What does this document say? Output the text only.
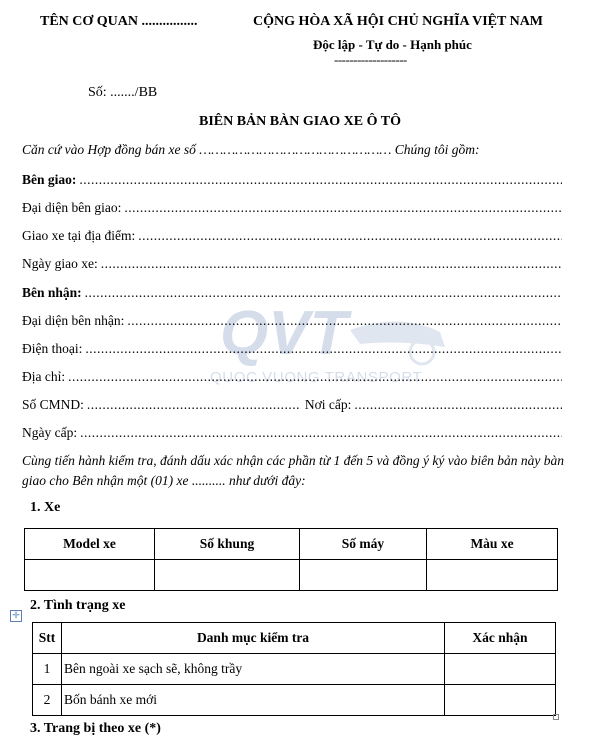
TÊN CƠ QUAN ................	CỘNG HÒA XÃ HỘI CHỦ NGHĨA VIỆT NAM
Độc lập - Tự do - Hạnh phúc
-------------------
Số: ......./BB
BIÊN BẢN BÀN GIAO XE Ô TÔ
Căn cứ vào Hợp đồng bán xe số ………………………………………… Chúng tôi gồm:
QVT
QUOC VUONG TRANSPORT
Bên giao:
.....
Đại diện bên giao:
.....
Giao xe tại địa điểm:
.....
Ngày giao xe:
.....
Bên nhận:
.....
Đại diện bên nhận:
.....
Điện thoại:
.....
Địa chỉ:
.....
Số CMND: .....	Nơi cấp:
.....
Ngày cấp:
.....
Cùng tiến hành kiểm tra, đánh dấu xác nhận các phần từ 1 đến 5 và đồng ý ký vào biên bản này bàn giao cho Bên nhận một (01) xe .......... như dưới đây:
1. Xe
Model xe	Số khung	Số máy	Màu xe

✛
2. Tình trạng xe
Stt	Danh mục kiểm tra	Xác nhận
1	Bên ngoài xe sạch sẽ, không trầy	
2	Bốn bánh xe mới	
3. Trang bị theo xe (*)
